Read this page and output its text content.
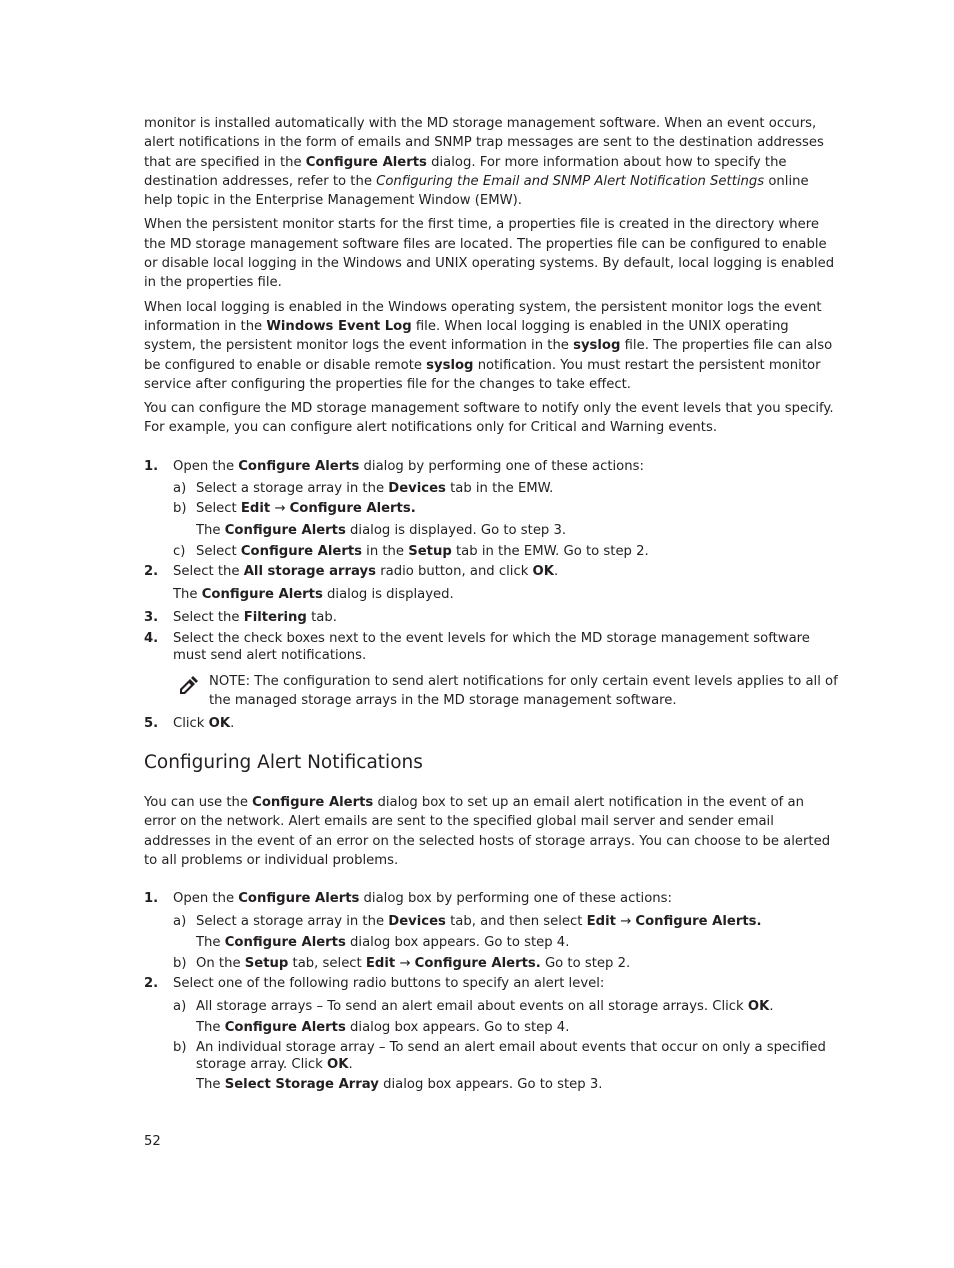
monitor is installed automatically with the MD storage management software. When an event occurs, alert notifications in the form of emails and SNMP trap messages are sent to the destination addresses that are specified in the Configure Alerts dialog. For more information about how to specify the destination addresses, refer to the Configuring the Email and SNMP Alert Notification Settings online help topic in the Enterprise Management Window (EMW).

When the persistent monitor starts for the first time, a properties file is created in the directory where the MD storage management software files are located. The properties file can be configured to enable or disable local logging in the Windows and UNIX operating systems. By default, local logging is enabled in the properties file.

When local logging is enabled in the Windows operating system, the persistent monitor logs the event information in the Windows Event Log file. When local logging is enabled in the UNIX operating system, the persistent monitor logs the event information in the syslog file. The properties file can also be configured to enable or disable remote syslog notification. You must restart the persistent monitor service after configuring the properties file for the changes to take effect.

You can configure the MD storage management software to notify only the event levels that you specify. For example, you can configure alert notifications only for Critical and Warning events.

1. Open the Configure Alerts dialog by performing one of these actions:
a) Select a storage array in the Devices tab in the EMW.
b) Select Edit → Configure Alerts.
The Configure Alerts dialog is displayed. Go to step 3.
c) Select Configure Alerts in the Setup tab in the EMW. Go to step 2.
2. Select the All storage arrays radio button, and click OK.
The Configure Alerts dialog is displayed.
3. Select the Filtering tab.
4. Select the check boxes next to the event levels for which the MD storage management software must send alert notifications.
NOTE: The configuration to send alert notifications for only certain event levels applies to all of the managed storage arrays in the MD storage management software.
5. Click OK.
Configuring Alert Notifications

You can use the Configure Alerts dialog box to set up an email alert notification in the event of an error on the network. Alert emails are sent to the specified global mail server and sender email addresses in the event of an error on the selected hosts of storage arrays. You can choose to be alerted to all problems or individual problems.

1. Open the Configure Alerts dialog box by performing one of these actions:
a) Select a storage array in the Devices tab, and then select Edit → Configure Alerts.
The Configure Alerts dialog box appears. Go to step 4.
b) On the Setup tab, select Edit → Configure Alerts. Go to step 2.
2. Select one of the following radio buttons to specify an alert level:
a) All storage arrays – To send an alert email about events on all storage arrays. Click OK.
The Configure Alerts dialog box appears. Go to step 4.
b) An individual storage array – To send an alert email about events that occur on only a specified storage array. Click OK.
The Select Storage Array dialog box appears. Go to step 3.
52
